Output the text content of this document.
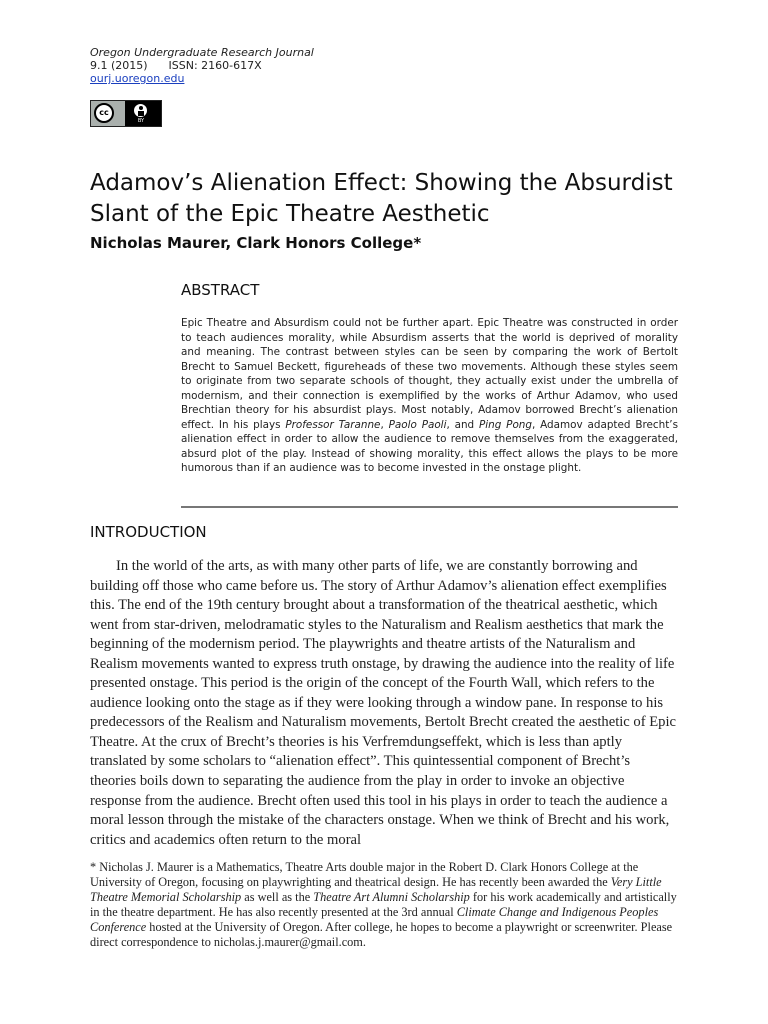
Oregon Undergraduate Research Journal
9.1 (2015)      ISSN: 2160-617X
ourj.uoregon.edu
cc
BY
Adamov’s Alienation Effect: Showing the Absurdist Slant of the Epic Theatre Aesthetic
Nicholas Maurer, Clark Honors College*
ABSTRACT

Epic Theatre and Absurdism could not be further apart. Epic Theatre was constructed in order to teach audiences morality, while Absurdism asserts that the world is deprived of morality and meaning. The contrast between styles can be seen by comparing the work of Bertolt Brecht to Samuel Beckett, figureheads of these two movements. Although these styles seem to originate from two separate schools of thought, they actually exist under the umbrella of modernism, and their connection is exemplified by the works of Arthur Adamov, who used Brechtian theory for his absurdist plays. Most notably, Adamov borrowed Brecht’s alienation effect. In his plays Professor Taranne, Paolo Paoli, and Ping Pong, Adamov adapted Brecht’s alienation effect in order to allow the audience to remove themselves from the exaggerated, absurd plot of the play. Instead of showing morality, this effect allows the plays to be more humorous than if an audience was to become invested in the onstage plight.

INTRODUCTION

In the world of the arts, as with many other parts of life, we are constantly borrowing and building off those who came before us. The story of Arthur Adamov’s alienation effect exemplifies this. The end of the 19th century brought about a transformation of the theatrical aesthetic, which went from star-driven, melodramatic styles to the Naturalism and Realism aesthetics that mark the beginning of the modernism period. The playwrights and theatre artists of the Naturalism and Realism movements wanted to express truth onstage, by drawing the audience into the reality of life presented onstage. This period is the origin of the concept of the Fourth Wall, which refers to the audience looking onto the stage as if they were looking through a window pane. In response to his predecessors of the Realism and Naturalism movements, Bertolt Brecht created the aesthetic of Epic Theatre. At the crux of Brecht’s theories is his Verfremdungseffekt, which is less than aptly translated by some scholars to “alienation effect”. This quintessential component of Brecht’s theories boils down to separating the audience from the play in order to invoke an objective response from the audience. Brecht often used this tool in his plays in order to teach the audience a moral lesson through the mistake of the characters onstage. When we think of Brecht and his work, critics and academics often return to the moral

* Nicholas J. Maurer is a Mathematics, Theatre Arts double major in the Robert D. Clark Honors College at the University of Oregon, focusing on playwrighting and theatrical design. He has recently been awarded the Very Little Theatre Memorial Scholarship as well as the Theatre Art Alumni Scholarship for his work academically and artistically in the theatre department. He has also recently presented at the 3rd annual Climate Change and Indigenous Peoples Conference hosted at the University of Oregon. After college, he hopes to become a playwright or screenwriter. Please direct correspondence to nicholas.j.maurer@gmail.com.
